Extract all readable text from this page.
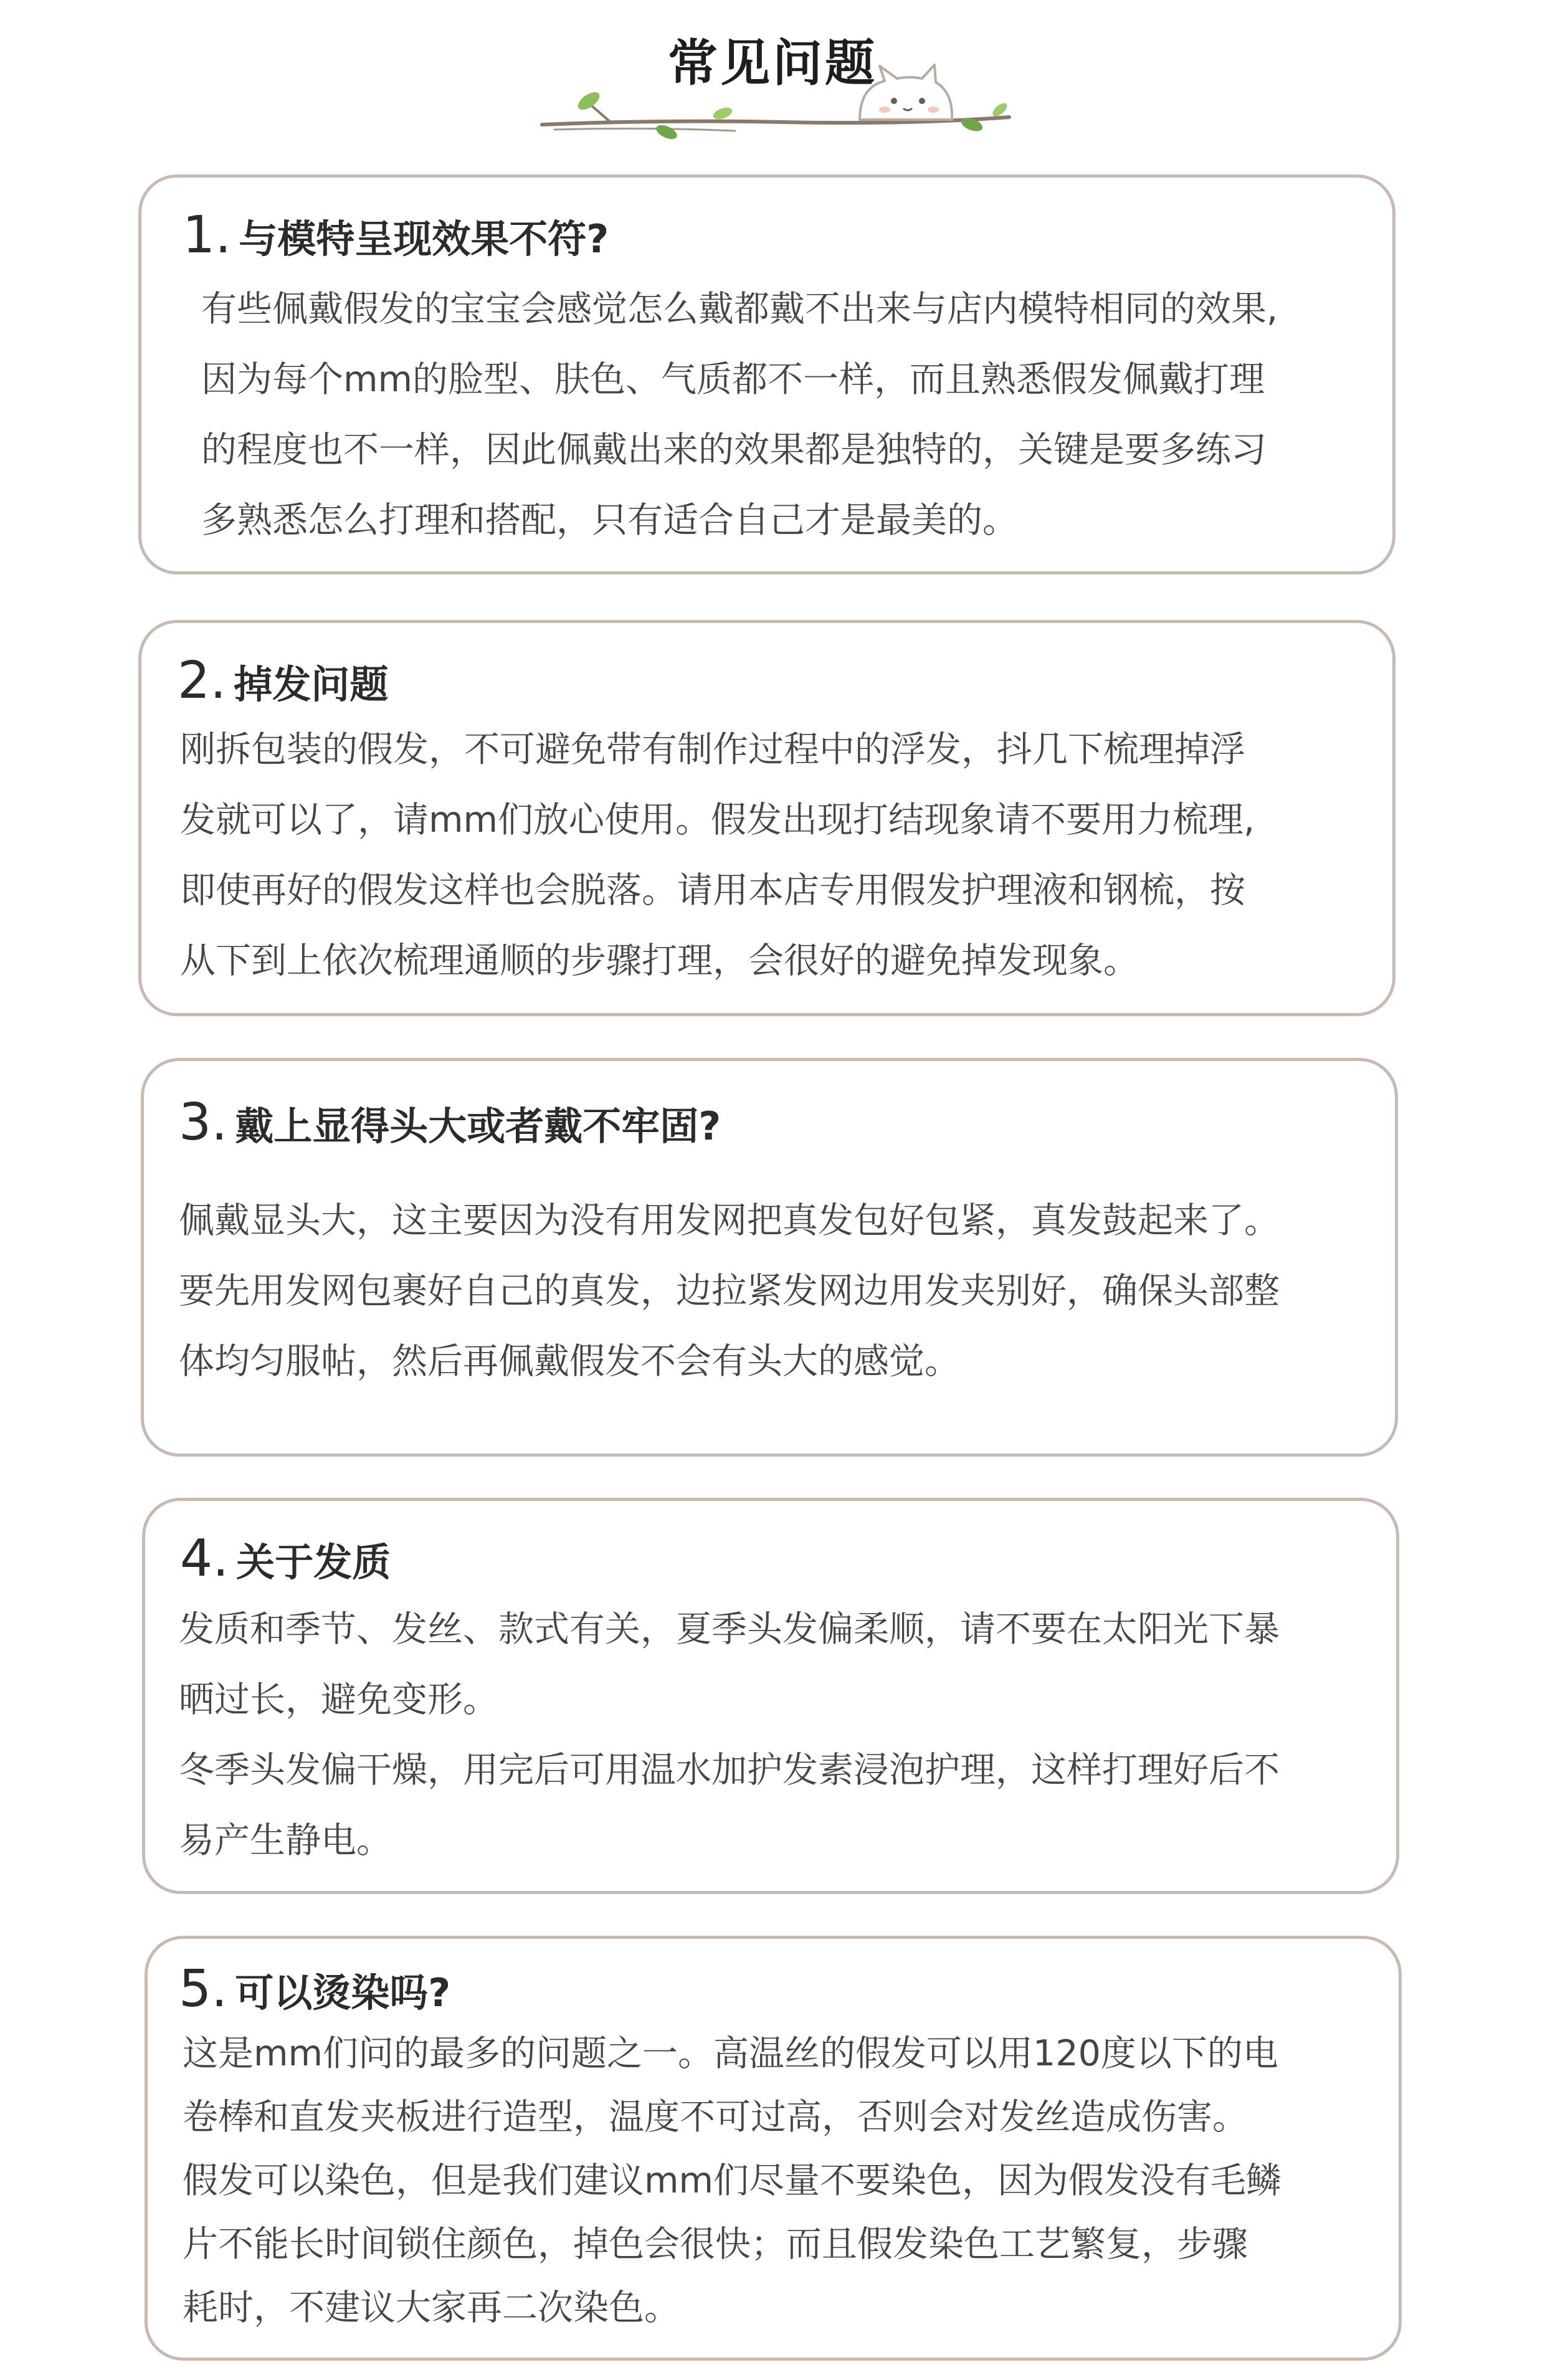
常见问题
1. 与模特呈现效果不符?
有些佩戴假发的宝宝会感觉怎么戴都戴不出来与店内模特相同的效果,
因为每个mm的脸型、肤色、气质都不一样，而且熟悉假发佩戴打理
的程度也不一样，因此佩戴出来的效果都是独特的，关键是要多练习
多熟悉怎么打理和搭配，只有适合自己才是最美的。
2. 掉发问题
刚拆包装的假发，不可避免带有制作过程中的浮发，抖几下梳理掉浮
发就可以了，请mm们放心使用。假发出现打结现象请不要用力梳理,
即使再好的假发这样也会脱落。请用本店专用假发护理液和钢梳，按
从下到上依次梳理通顺的步骤打理，会很好的避免掉发现象。
3. 戴上显得头大或者戴不牢固?
佩戴显头大，这主要因为没有用发网把真发包好包紧，真发鼓起来了。
要先用发网包裹好自己的真发，边拉紧发网边用发夹别好，确保头部整
体均匀服帖，然后再佩戴假发不会有头大的感觉。
4. 关于发质
发质和季节、发丝、款式有关，夏季头发偏柔顺，请不要在太阳光下暴
晒过长，避免变形。
冬季头发偏干燥，用完后可用温水加护发素浸泡护理，这样打理好后不
易产生静电。
5. 可以烫染吗?
这是mm们问的最多的问题之一。高温丝的假发可以用120度以下的电
卷棒和直发夹板进行造型，温度不可过高，否则会对发丝造成伤害。
假发可以染色，但是我们建议mm们尽量不要染色，因为假发没有毛鳞
片不能长时间锁住颜色，掉色会很快；而且假发染色工艺繁复，步骤
耗时，不建议大家再二次染色。
